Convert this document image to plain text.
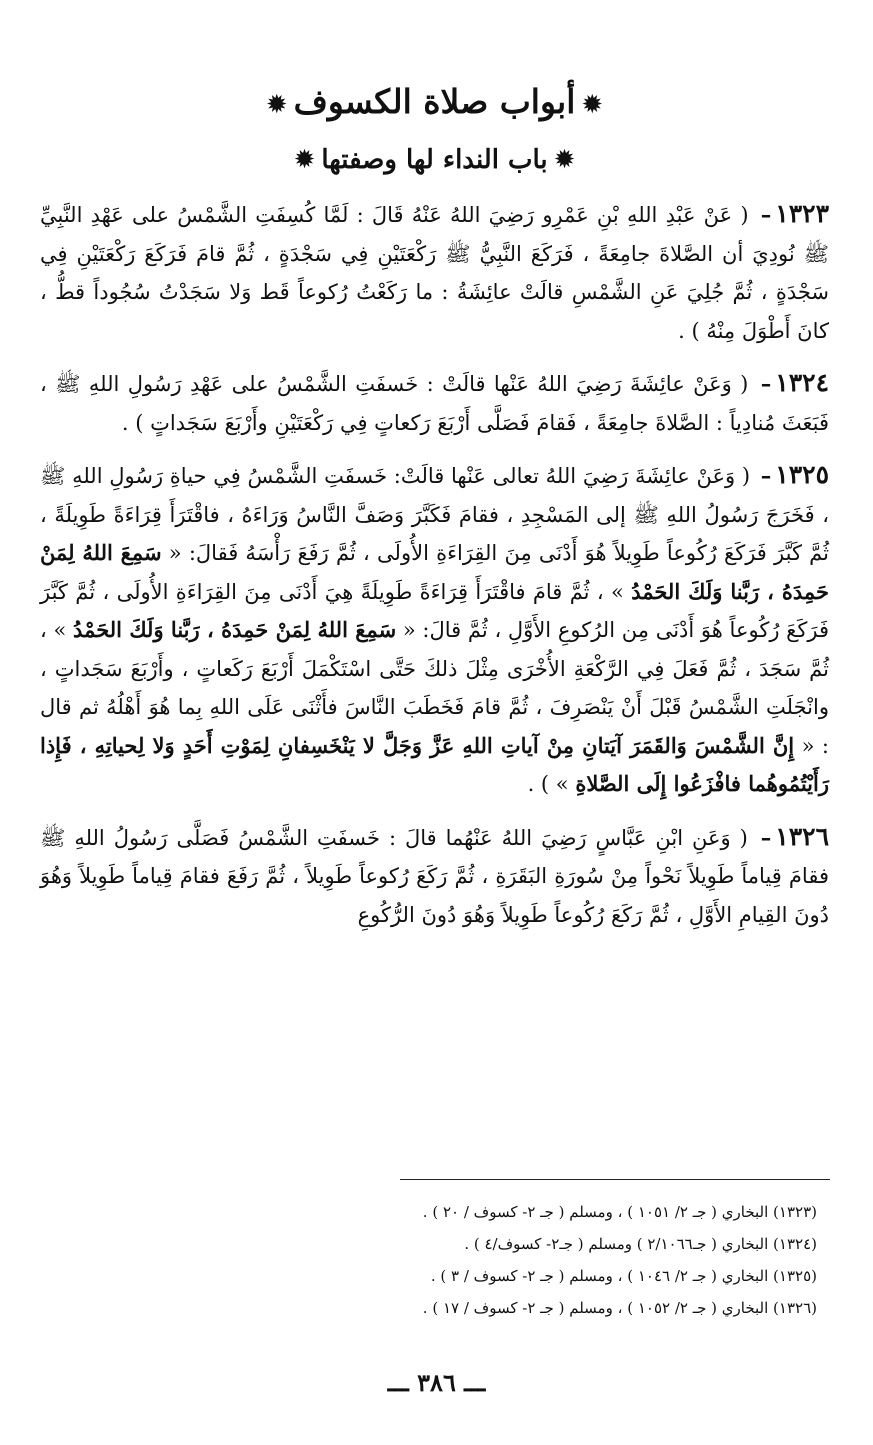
✹أبواب صلاة الكسوف✹
✹باب النداء لها وصفتها✹

١٣٢٣– ( عَنْ عَبْدِ اللهِ بْنِ عَمْرِو رَضِيَ اللهُ عَنْهُ قَالَ : لَمَّا كُسِفَتِ الشَّمْسُ على عَهْدِ النَّبِيِّ ﷺ نُودِيَ أن الصَّلاةَ جامِعَةً ، فَرَكَعَ النَّبِيُّ ﷺ رَكْعَتَيْنِ فِي سَجْدَةٍ ، ثُمَّ قامَ فَرَكَعَ رَكْعَتَيْنِ فِي سَجْدَةٍ ، ثُمَّ جُلِيَ عَنِ الشَّمْسِ قالَتْ عائِشَةُ : ما رَكَعْتُ رُكوعاً قَط وَلا سَجَدْتُ سُجُوداً قطُّ ، كانَ أَطْوَلَ مِنْهُ ) .

١٣٢٤– ( وَعَنْ عائِشَةَ رَضِيَ اللهُ عَنْها قالَتْ : خَسفَتِ الشَّمْسُ على عَهْدِ رَسُولِ اللهِ ﷺ ، فَبَعَثَ مُنادِياً : الصَّلاةَ جامِعَةً ، فَقامَ فَصَلَّى أَرْبَعَ رَكعاتٍ فِي رَكْعَتَيْنِ وأَرْبَعَ سَجَداتٍ ) .

١٣٢٥– ( وَعَنْ عائِشَةَ رَضِيَ اللهُ تعالى عَنْها قالَتْ: خَسفَتِ الشَّمْسُ فِي حياةِ رَسُولِ اللهِ ﷺ ، فَخَرَجَ رَسُولُ اللهِ ﷺ إلى المَسْجِدِ ، فقامَ فَكَبَّرَ وَصَفَّ النَّاسُ وَرَاءَهُ ، فاقْتَرَأَ قِرَاءَةً طَوِيلَةً ، ثُمَّ كَبَّرَ فَرَكَعَ رُكُوعاً طَوِيلاً هُوَ أَدْنَى مِنَ القِرَاءَةِ الأُولَى ، ثُمَّ رَفَعَ رَأْسَهُ فَقالَ: « سَمِعَ اللهُ لِمَنْ حَمِدَهُ ، رَبَّنا وَلَكَ الحَمْدُ » ، ثُمَّ قامَ فاقْتَرَأَ قِرَاءَةً طَوِيلَةً هِيَ أَدْنَى مِنَ القِرَاءَةِ الأُولَى ، ثُمَّ كَبَّرَ فَرَكَعَ رُكُوعاً هُوَ أَدْنَى مِن الرُكوعِ الأَوَّلِ ، ثُمَّ قالَ: « سَمِعَ اللهُ لِمَنْ حَمِدَهُ ، رَبَّنا وَلَكَ الحَمْدُ » ، ثُمَّ سَجَدَ ، ثُمَّ فَعَلَ فِي الرَّكْعَةِ الأُخْرَى مِثْلَ ذلكَ حَتَّى اسْتَكْمَلَ أَرْبَعَ رَكَعاتٍ ، وأَرْبَعَ سَجَداتٍ ، وانْجَلَتِ الشَّمْسُ قَبْلَ أَنْ يَنْصَرِفَ ، ثُمَّ قامَ فَخَطَبَ النَّاسَ فأَثْنَى عَلَى اللهِ بِما هُوَ أَهْلُهُ ثم قال : « إِنَّ الشَّمْسَ وَالقَمَرَ آيَتانِ مِنْ آياتِ اللهِ عَزَّ وَجَلَّ لا يَنْخَسِفانِ لِمَوْتِ أَحَدٍ وَلا لِحياتِهِ ، فَإِذا رَأَيْتُمُوهُما فافْزَعُوا إِلَى الصَّلاةِ » ) .

١٣٢٦– ( وَعَنِ ابْنِ عَبَّاسٍ رَضِيَ اللهُ عَنْهُما قالَ : خَسفَتِ الشَّمْسُ فَصَلَّى رَسُولُ اللهِ ﷺ فقامَ قِياماً طَوِيلاً نَحْواً مِنْ سُورَةِ البَقَرَةِ ، ثُمَّ رَكَعَ رُكوعاً طَوِيلاً ، ثُمَّ رَفَعَ فقامَ قِياماً طَوِيلاً وَهُوَ دُونَ القِيامِ الأَوَّلِ ، ثُمَّ رَكَعَ رُكُوعاً طَوِيلاً وَهُوَ دُونَ الرُّكُوعِ

(١٣٢٣) البخاري ( جـ ٢/ ١٠٥١ ) ، ومسلم ( جـ ٢- كسوف / ٢٠ ) .
(١٣٢٤) البخاري ( جـ٢/١٠٦٦ ) ومسلم ( جـ٢- كسوف/٤ ) .
(١٣٢٥) البخاري ( جـ ٢/ ١٠٤٦ ) ، ومسلم ( جـ ٢- كسوف / ٣ ) .
(١٣٢٦) البخاري ( جـ ٢/ ١٠٥٢ ) ، ومسلم ( جـ ٢- كسوف / ١٧ ) .
ـــ ٣٨٦ ـــ
